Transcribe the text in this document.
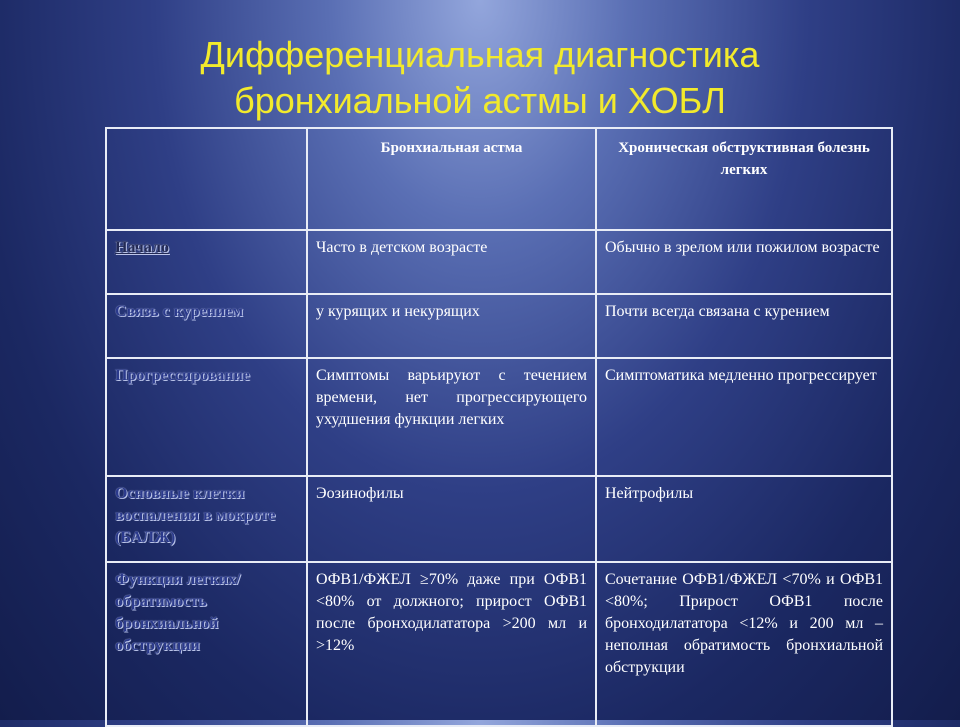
Дифференциальная диагностика
бронхиальной астмы и ХОБЛ
	Бронхиальная астма	Хроническая обструктивная болезнь легких
Начало	Часто в детском возрасте	Обычно в зрелом или пожилом возрасте
Связь с курением	у курящих и некурящих	Почти всегда связана с курением
Прогрессирование	Симптомы варьируют с течением времени, нет прогрессирующего ухудшения функции легких	Симптоматика медленно прогрессирует
Основные клетки воспаления в мокроте (БАЛЖ)	Эозинофилы	Нейтрофилы
Функция легких/обратимость бронхиальной обструкции	ОФВ1/ФЖЕЛ ≥70% даже при ОФВ1 <80% от должного; прирост ОФВ1 после бронходилататора >200 мл и >12%	Сочетание ОФВ1/ФЖЕЛ <70% и ОФВ1 <80%; Прирост ОФВ1 после бронходилататора <12% и 200 мл – неполная обратимость бронхиальной обструкции
